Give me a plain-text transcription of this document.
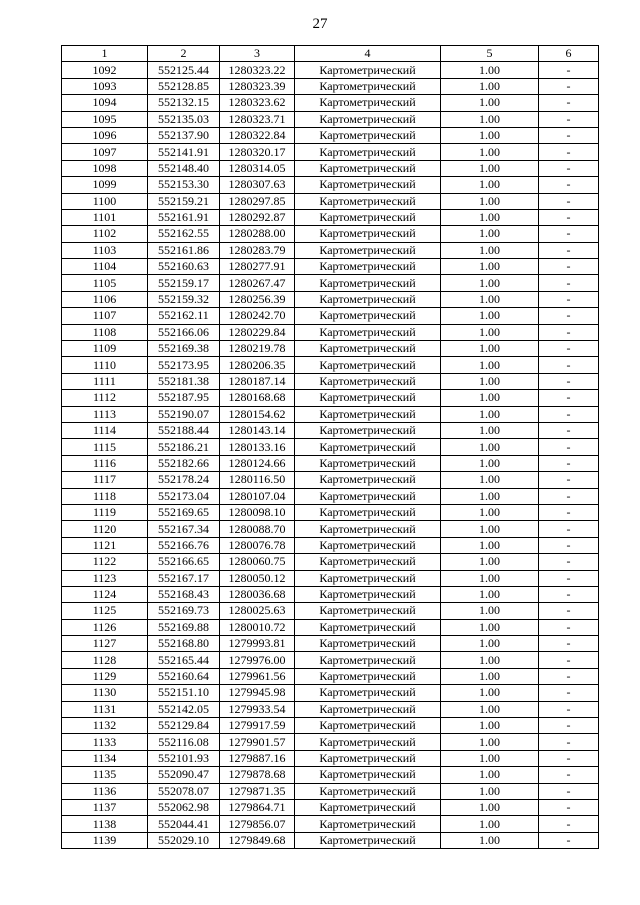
27
1	2	3	4	5	6
1092	552125.44	1280323.22	Картометрический	1.00	-
1093	552128.85	1280323.39	Картометрический	1.00	-
1094	552132.15	1280323.62	Картометрический	1.00	-
1095	552135.03	1280323.71	Картометрический	1.00	-
1096	552137.90	1280322.84	Картометрический	1.00	-
1097	552141.91	1280320.17	Картометрический	1.00	-
1098	552148.40	1280314.05	Картометрический	1.00	-
1099	552153.30	1280307.63	Картометрический	1.00	-
1100	552159.21	1280297.85	Картометрический	1.00	-
1101	552161.91	1280292.87	Картометрический	1.00	-
1102	552162.55	1280288.00	Картометрический	1.00	-
1103	552161.86	1280283.79	Картометрический	1.00	-
1104	552160.63	1280277.91	Картометрический	1.00	-
1105	552159.17	1280267.47	Картометрический	1.00	-
1106	552159.32	1280256.39	Картометрический	1.00	-
1107	552162.11	1280242.70	Картометрический	1.00	-
1108	552166.06	1280229.84	Картометрический	1.00	-
1109	552169.38	1280219.78	Картометрический	1.00	-
1110	552173.95	1280206.35	Картометрический	1.00	-
1111	552181.38	1280187.14	Картометрический	1.00	-
1112	552187.95	1280168.68	Картометрический	1.00	-
1113	552190.07	1280154.62	Картометрический	1.00	-
1114	552188.44	1280143.14	Картометрический	1.00	-
1115	552186.21	1280133.16	Картометрический	1.00	-
1116	552182.66	1280124.66	Картометрический	1.00	-
1117	552178.24	1280116.50	Картометрический	1.00	-
1118	552173.04	1280107.04	Картометрический	1.00	-
1119	552169.65	1280098.10	Картометрический	1.00	-
1120	552167.34	1280088.70	Картометрический	1.00	-
1121	552166.76	1280076.78	Картометрический	1.00	-
1122	552166.65	1280060.75	Картометрический	1.00	-
1123	552167.17	1280050.12	Картометрический	1.00	-
1124	552168.43	1280036.68	Картометрический	1.00	-
1125	552169.73	1280025.63	Картометрический	1.00	-
1126	552169.88	1280010.72	Картометрический	1.00	-
1127	552168.80	1279993.81	Картометрический	1.00	-
1128	552165.44	1279976.00	Картометрический	1.00	-
1129	552160.64	1279961.56	Картометрический	1.00	-
1130	552151.10	1279945.98	Картометрический	1.00	-
1131	552142.05	1279933.54	Картометрический	1.00	-
1132	552129.84	1279917.59	Картометрический	1.00	-
1133	552116.08	1279901.57	Картометрический	1.00	-
1134	552101.93	1279887.16	Картометрический	1.00	-
1135	552090.47	1279878.68	Картометрический	1.00	-
1136	552078.07	1279871.35	Картометрический	1.00	-
1137	552062.98	1279864.71	Картометрический	1.00	-
1138	552044.41	1279856.07	Картометрический	1.00	-
1139	552029.10	1279849.68	Картометрический	1.00	-
